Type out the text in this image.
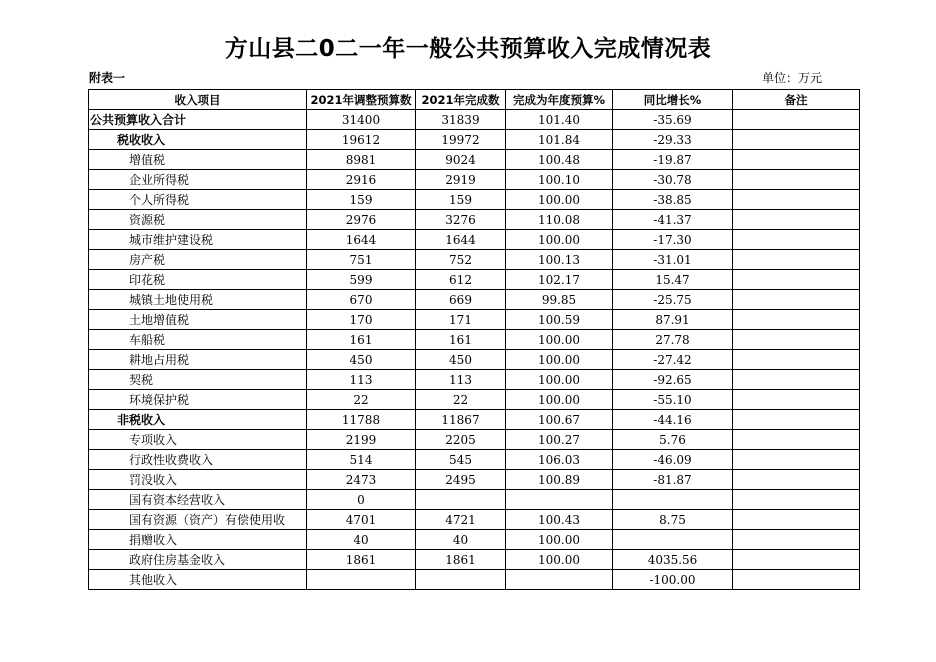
方山县二0二一年一般公共预算收入完成情况表
附表一	单位：万元
收入项目	2021年调整预算数	2021年完成数	完成为年度预算%	同比增长%	备注
公共预算收入合计	31400	31839	101.40	-35.69	
税收收入	19612	19972	101.84	-29.33	
增值税	8981	9024	100.48	-19.87	
企业所得税	2916	2919	100.10	-30.78	
个人所得税	159	159	100.00	-38.85	
资源税	2976	3276	110.08	-41.37	
城市维护建设税	1644	1644	100.00	-17.30	
房产税	751	752	100.13	-31.01	
印花税	599	612	102.17	15.47	
城镇土地使用税	670	669	99.85	-25.75	
土地增值税	170	171	100.59	87.91	
车船税	161	161	100.00	27.78	
耕地占用税	450	450	100.00	-27.42	
契税	113	113	100.00	-92.65	
环境保护税	22	22	100.00	-55.10	
非税收入	11788	11867	100.67	-44.16	
专项收入	2199	2205	100.27	5.76	
行政性收费收入	514	545	106.03	-46.09	
罚没收入	2473	2495	100.89	-81.87	
国有资本经营收入	0				
国有资源（资产）有偿使用收	4701	4721	100.43	8.75	
捐赠收入	40	40	100.00		
政府住房基金收入	1861	1861	100.00	4035.56	
其他收入				-100.00	
